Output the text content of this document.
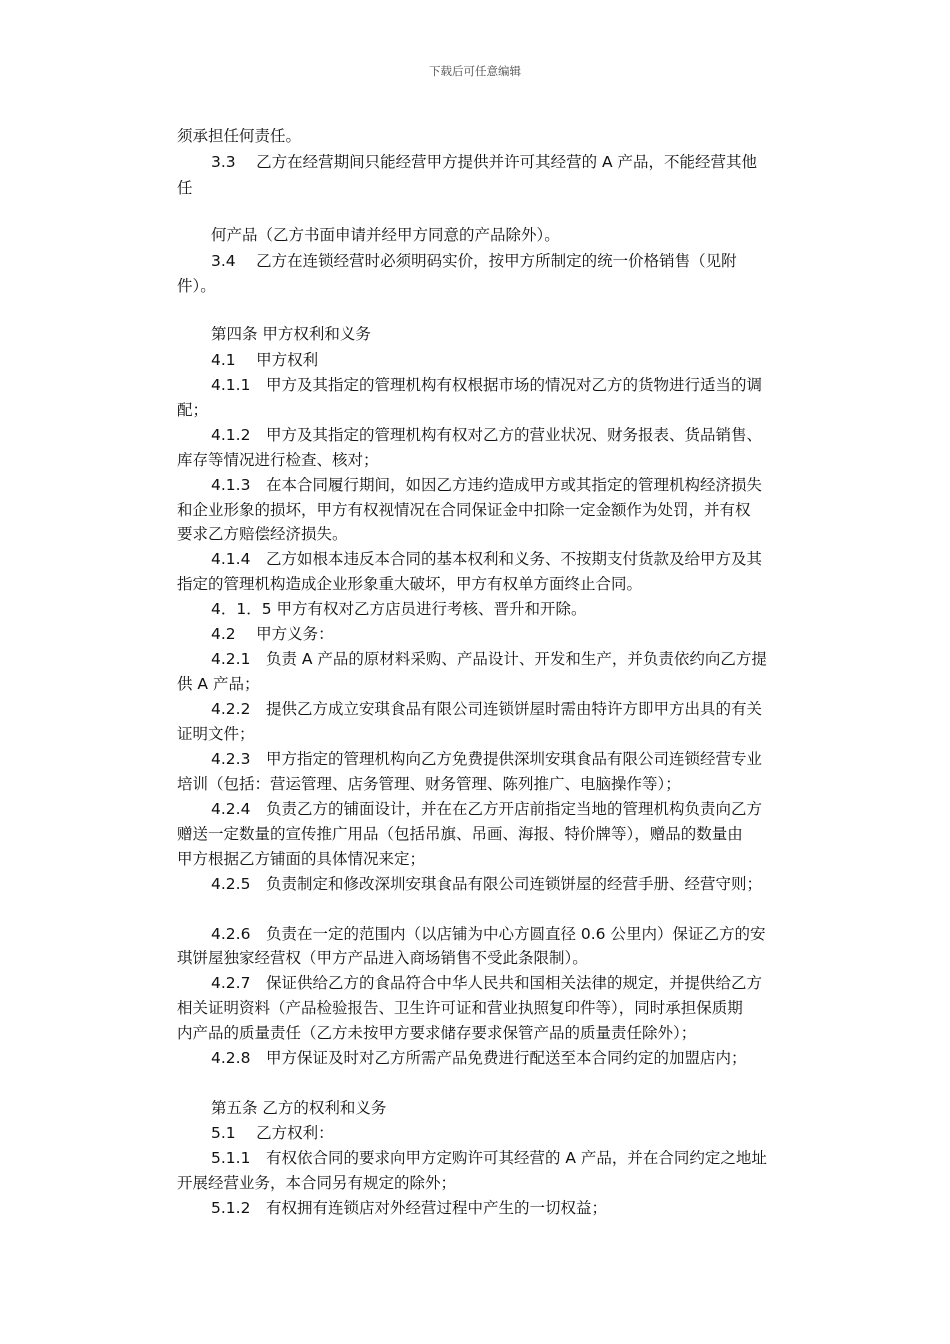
下载后可任意编辑
须承担任何责任。
3.3　 乙方在经营期间只能经营甲方提供并许可其经营的 A 产品，不能经营其他
任
何产品（乙方书面申请并经甲方同意的产品除外）。
3.4　 乙方在连锁经营时必须明码实价，按甲方所制定的统一价格销售（见附
件）。
第四条 甲方权利和义务
4.1　 甲方权利
4.1.1　甲方及其指定的管理机构有权根据市场的情况对乙方的货物进行适当的调
配；
4.1.2　甲方及其指定的管理机构有权对乙方的营业状况、财务报表、货品销售、
库存等情况进行检查、核对；
4.1.3　在本合同履行期间，如因乙方违约造成甲方或其指定的管理机构经济损失
和企业形象的损坏，甲方有权视情况在合同保证金中扣除一定金额作为处罚，并有权
要求乙方赔偿经济损失。
4.1.4　乙方如根本违反本合同的基本权利和义务、不按期支付货款及给甲方及其
指定的管理机构造成企业形象重大破坏，甲方有权单方面终止合同。
4．1．5 甲方有权对乙方店员进行考核、晋升和开除。
4.2　 甲方义务：
4.2.1　负责 A 产品的原材料采购、产品设计、开发和生产，并负责依约向乙方提
供 A 产品；
4.2.2　提供乙方成立安琪食品有限公司连锁饼屋时需由特许方即甲方出具的有关
证明文件；
4.2.3　甲方指定的管理机构向乙方免费提供深圳安琪食品有限公司连锁经营专业
培训（包括：营运管理、店务管理、财务管理、陈列推广、电脑操作等）；
4.2.4　负责乙方的铺面设计，并在在乙方开店前指定当地的管理机构负责向乙方
赠送一定数量的宣传推广用品（包括吊旗、吊画、海报、特价牌等），赠品的数量由
甲方根据乙方铺面的具体情况来定；
4.2.5　负责制定和修改深圳安琪食品有限公司连锁饼屋的经营手册、经营守则；
4.2.6　负责在一定的范围内（以店铺为中心方圆直径 0.6 公里内）保证乙方的安
琪饼屋独家经营权（甲方产品进入商场销售不受此条限制）。
4.2.7　保证供给乙方的食品符合中华人民共和国相关法律的规定，并提供给乙方
相关证明资料（产品检验报告、卫生许可证和营业执照复印件等），同时承担保质期
内产品的质量责任（乙方未按甲方要求储存要求保管产品的质量责任除外）；
4.2.8　甲方保证及时对乙方所需产品免费进行配送至本合同约定的加盟店内；
第五条 乙方的权利和义务
5.1　 乙方权利：
5.1.1　有权依合同的要求向甲方定购许可其经营的 A 产品，并在合同约定之地址
开展经营业务，本合同另有规定的除外；
5.1.2　有权拥有连锁店对外经营过程中产生的一切权益；
